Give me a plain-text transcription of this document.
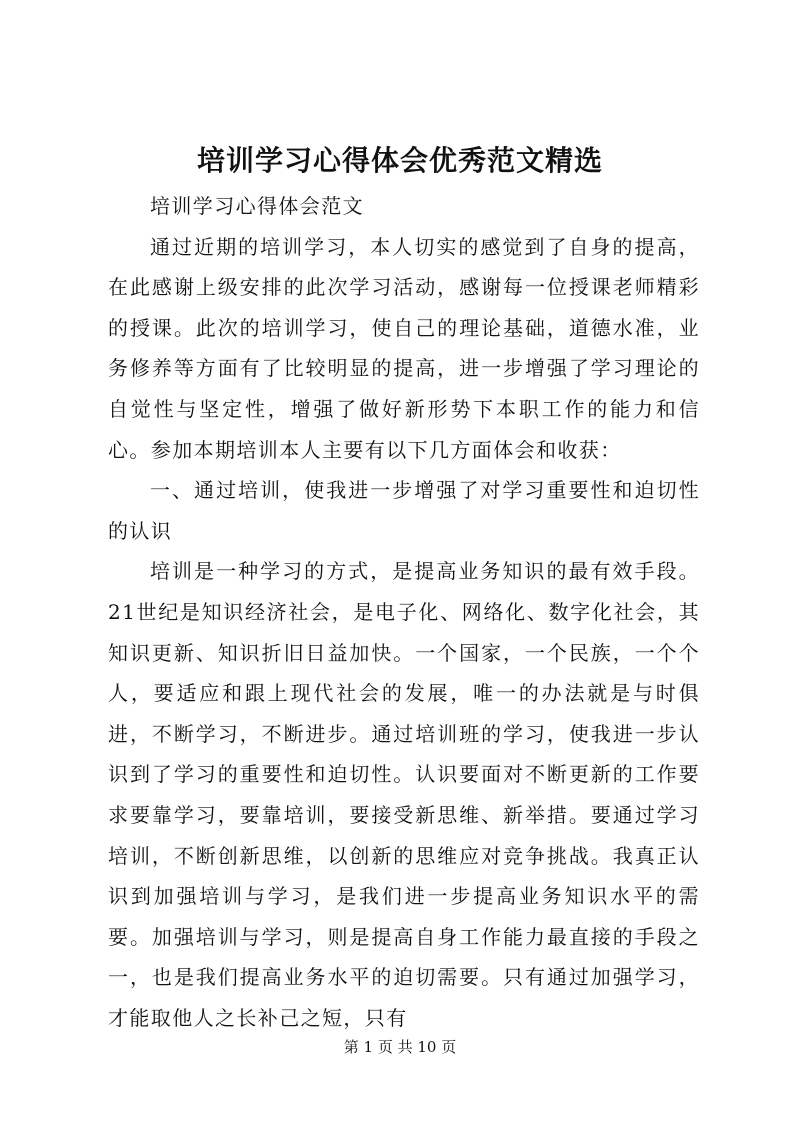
培训学习心得体会优秀范文精选

培训学习心得体会范文

通过近期的培训学习，本人切实的感觉到了自身的提高，在此感谢上级安排的此次学习活动，感谢每一位授课老师精彩的授课。此次的培训学习，使自己的理论基础，道德水准，业务修养等方面有了比较明显的提高，进一步增强了学习理论的自觉性与坚定性，增强了做好新形势下本职工作的能力和信心。参加本期培训本人主要有以下几方面体会和收获：

一、通过培训，使我进一步增强了对学习重要性和迫切性的认识

培训是一种学习的方式，是提高业务知识的最有效手段。21世纪是知识经济社会，是电子化、网络化、数字化社会，其知识更新、知识折旧日益加快。一个国家，一个民族，一个个人，要适应和跟上现代社会的发展，唯一的办法就是与时俱进，不断学习，不断进步。通过培训班的学习，使我进一步认识到了学习的重要性和迫切性。认识要面对不断更新的工作要求要靠学习，要靠培训，要接受新思维、新举措。要通过学习培训，不断创新思维，以创新的思维应对竞争挑战。我真正认识到加强培训与学习，是我们进一步提高业务知识水平的需要。加强培训与学习，则是提高自身工作能力最直接的手段之一，也是我们提高业务水平的迫切需要。只有通过加强学习，才能取他人之长补己之短，只有

第 1 页 共 10 页
